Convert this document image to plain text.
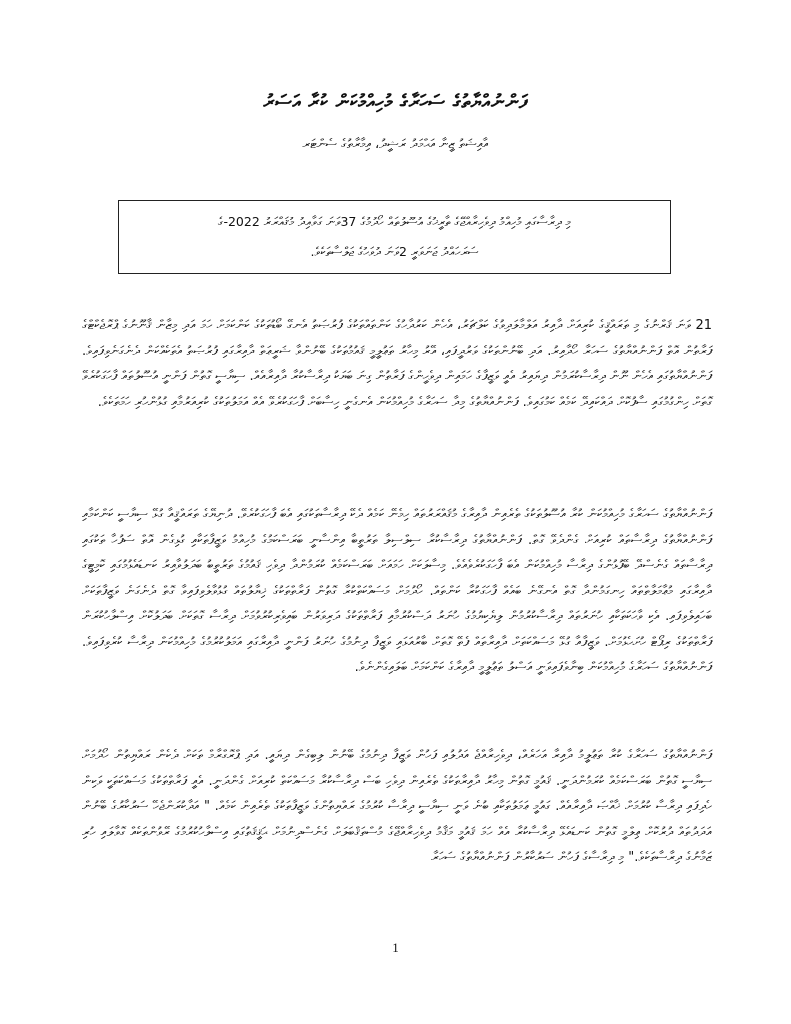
ފަންނުއްޔާތުގެ ސަހަރާގެ މުހިއްމުކަން ކުރާ އަސަރު
އާއިޝަތު ޒީނާ އަޙްމަދު ރަޝީދު، އިމާރާތުގެ ސެންޓަރ
މި ދިރާސާގައި މުހިއްމު ދިވެހިރާއްޖޭގެ ތާރީޚުގެ އުސޫލުތައް ހޯދުމުގެ 37ވަނަ ގަވާއިދު މުޤައްރަރު 2022-ގެ
ސަރަހައްދު ޖަނަވަރީ 2ވަނަ ދުވަހުގެ ޖަލްސާތަކެވެ.

21 ވަނަ ޤަރްނުގެ މި ތަރައްޤީގެ ކުރިއަށް ދާއިރު އަލްމާލަދިވުގެ ކަލްޗަރު، އެހެން ކަރުދާހުގެ ކަންތައްތަކުގެ ފުރުޞަތު އެނގޭ ބޯޑުތަކުގެ ކަންކަމަށް ހަމަ އަދި މިޒާން ޤާނޫނުގެ ޕްރޮޖެކްޓްގެ ފަރާތުން އޮތް ފަންނުއްޔާތުގެ ސަހަރާ ހޯދާއިރު. އަދި ބޭނުންތަކުގެ ވަރުދީފައި، އޭރު މިހާރު ތަޢުލީމީ ޤައުމުތަކުގެ ބޭނުންވާ ޝަރީޢަތް ދާއިރާގައި ފުރުޞަތު އެތަކެއްކަން ދެނެގަނެވިފައިވެ. ފަންނުއްޔާތުގައި އެހެން ނޫން ދިރާސާކުރަމުން ދިޔައިރު އެއީ ވަޒީފާގެ ހަމައިން ދިވެހީންގެ ފަރާތުން ގިނަ ބަޔަކު ދިރާސާކުރާ ދާއިރާއެއް. ސިޔާސީ ގޮތުން ފަންނީ އުސޫލުތައް ފާހަގަކުރެވޭ ގޮތަށް ހިންގުމުގައި ސާފުކޮށް ދައްކައިދޭ ކަމެއް ކަމުގައިވެ. ފަންނުއްޔާތުގެ މިދާ ސަހަރާގެ މުހިއްމުކަން އެނގެނީ ހިސާބަށް ފާހަގަކުރެވޭ އެއް އަމަލުތަކުގެ ކުރިއަރުމާއި ގުޅުންހުރި ހަމަތަކެވެ.

ފަންނުއްޔާތުގެ ސަހަރާގެ މުހިއްމުކަން ކުރާ އުސޫލުތަކުގެ ތެރެއިން ދާއިރާގެ މުޤައްރަރުތައް ހިމެނޭ ކަމެއް ދެކޭ ދިރާސާތަކުގައި އެބަ ފާހަގަކުރެވޭ. ދުނިޔޭގެ ތަރައްޤީއާ ގުޅޭ ސިޔާސީ ކަންކަމާއި ފަންނުއްޔާތުގެ ދިރާސާތައް ކުރިއަށް ގެންދެވޭ ގޮތް. ފަންނުއްޔާތުގެ ދިރާސާކުރާ ސިލްސިލާ ތަރުތީބާ އިންސާނީ ބަރަސްކަމުގެ މުހިއްމު ވަޒީފާތަކާއި ގުޅިގެން އޮތް ސަފުހާ ތަކުގައި ދިރާސާތައް ގެނެސްދޭ ބޭފުޅުންގެ ދިރާސާ މުހިއްމުކަން އެބަ ފާހަގަކުރެވެއެވެ. މިސާލަކަށް ހަމައަށް ބަރަސްކަމެއް ކުރަމުންދާ ދިވެހި ޤައުމުގެ ތަރުތީބު ބަދަލުވާއިރު ކަނޑައެޅުމުގައި ކޮމިޓީގެ ދާއިރާގައި މުޢާމަލާތްތައް ހިނގަމުންދާ ގޮތް އެނގޭނެ ބައެއް ފާހަގަކުރާ ކަންތައް. ހޯދުމަށް މަސައްކަތްކުރާ ގޮތުން ފަރާތްތަކުގެ ޚިޔާލުތައް ގުޅުވާލެވިފައިވާ ގޮތް ދެނެގަނެ ވަޒީފާތަކަށް ބަހައިލެވިފައި. އެކި ވާހަކަތަކާއި ހުނަރުތައް ދިރާސާކުރުމުން ލިޔެކިޔުމުގެ ހުނަރު ދަސްކުރުމާއި ފަރާތްތަކުގެ ދަރިވަރުން ބައިވެރިކުރުވުމަށް ދިރާސާ ގޮތަކަށް ބަދަލުކޮށް އިސްލާހުކުރަން ފަރާތްތަކުގެ ރިޕޯޓް ހުށަހެޅުމަށް. ވަޒީފާއާ ގުޅޭ މަސައްކަތަށް ދާއިރާތައް ފެތޭ ގޮތަށް ބާރުއަޅައި ވަޒީފާ ދިނުމުގެ ހުނަރު ފަންނީ ދާއިރާގައި އަމަލުކުރުމުގެ މުހިއްމުކަން ދިރާސާ ކުރެވިފައިވެ. ފަންނުއްޔާތުގެ ސަހަރާގެ މުހިއްމުކަން ބިނާވެފައިވަނީ އަސްލު ތަޢުލީމީ ދާއިރާގެ ކަންކަމަށް ބަލައިގެންނެވެ.

ފަންނުއްޔާތުގެ ސަހަރާގެ ކުރާ ތަޢުލީމު ދާއިރާ އަހަރެއް، ދިވެހިރާއްޖެ އަދުލުއި ފަހުން ވަޒީފާ ދިނުމުގެ ބޭނުން ލިބިގެން ދިޔައީ. އަދި ޕްރޮގްރާމް ތަކަށް ދެކެން ރައްޔިތުން ހޯދުމަށް ސިޔާސީ ގޮތުން ބަރަސްކަމެއް ކުރަމުންދަނީ. ޤައުމީ ގޮތުން މިހާރު ދާއިރާތަކުގެ ތެރެއިން ދިވެހި ބަސް ދިރާސާކުރާ މަސައްކަތް ކުރިއަށް ގެންދަނީ. އެއީ ފަރާތްތަކުގެ މަސައްކަތަކީ ވަކިން ހެދިފައި ދިރާސާ ކުރުމަށް ޚާއްޞަ ދާއިރާއެއް. ގައުމީ ޢަމަލުތަކާއި ބުނެ ވަނީ ސިޔާސީ ދިރާސާ ކުރުމުގެ ރައްޔިތުންގެ ވަޒީފާތަކުގެ ތެރެއިން ކަމެއް. " އަދާކުރަންޖެހޭ ސަރުކާރުގެ ބޭނުން އަދަދުތައް ދުރުކޮށް ޢިލްމީ ގޮތުން ކަނޑައެޅޭ ދިރާސާކުރާ އެއް ހަމަ ޤައުމީ މަޤާމު ދިވެހިރާއްޖޭގެ މުސްތަޤްބަލަށް ގެނެސްދިނުމަށް ޙަޤީޤަތުގައި އިސްލާހުކުރުމުގެ ރޭވުންތަކެއް ގޮވާލައި ހުރި ޒަމާނުގެ ދިރާސާތަކެވެ." މި ދިރާސާގެ ފަހުން ސަރުކާރުން ފަންނުއްޔާތުގެ ސަހަރާ

1
